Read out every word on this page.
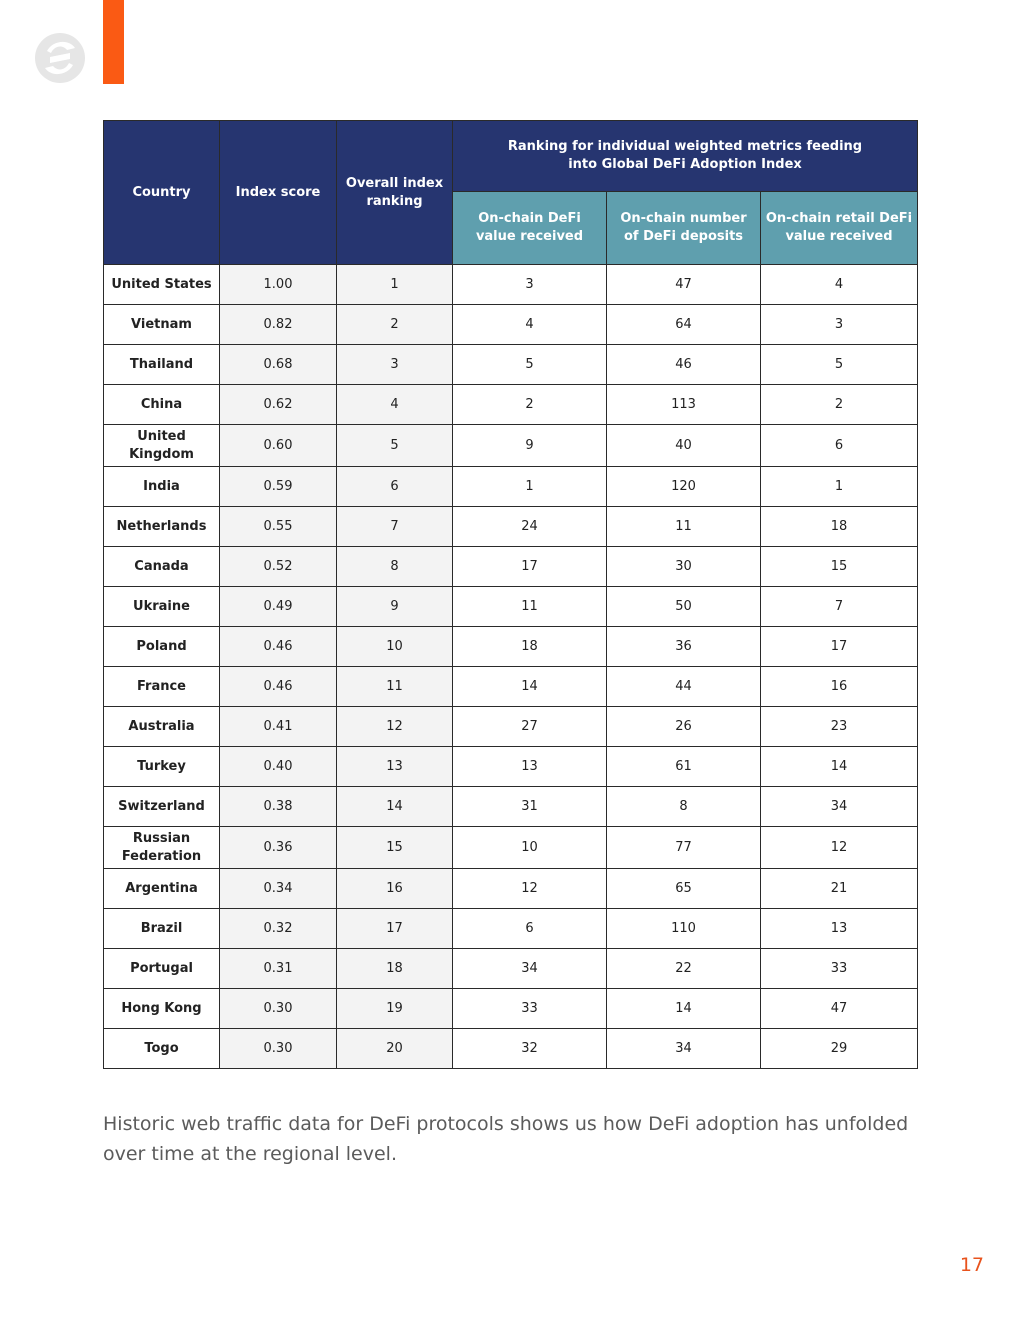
Country	Index score	Overall index ranking	Ranking for individual weighted metrics feeding into Global DeFi Adoption Index		
			On-chain DeFi value received	On-chain number of DeFi deposits	On-chain retail DeFi value received
United States	1.00	1	3	47	4
Vietnam	0.82	2	4	64	3
Thailand	0.68	3	5	46	5
China	0.62	4	2	113	2
United Kingdom	0.60	5	9	40	6
India	0.59	6	1	120	1
Netherlands	0.55	7	24	11	18
Canada	0.52	8	17	30	15
Ukraine	0.49	9	11	50	7
Poland	0.46	10	18	36	17
France	0.46	11	14	44	16
Australia	0.41	12	27	26	23
Turkey	0.40	13	13	61	14
Switzerland	0.38	14	31	8	34
Russian Federation	0.36	15	10	77	12
Argentina	0.34	16	12	65	21
Brazil	0.32	17	6	110	13
Portugal	0.31	18	34	22	33
Hong Kong	0.30	19	33	14	47
Togo	0.30	20	32	34	29

Historic web traffic data for DeFi protocols shows us how DeFi adoption has unfolded over time at the regional level.

17
